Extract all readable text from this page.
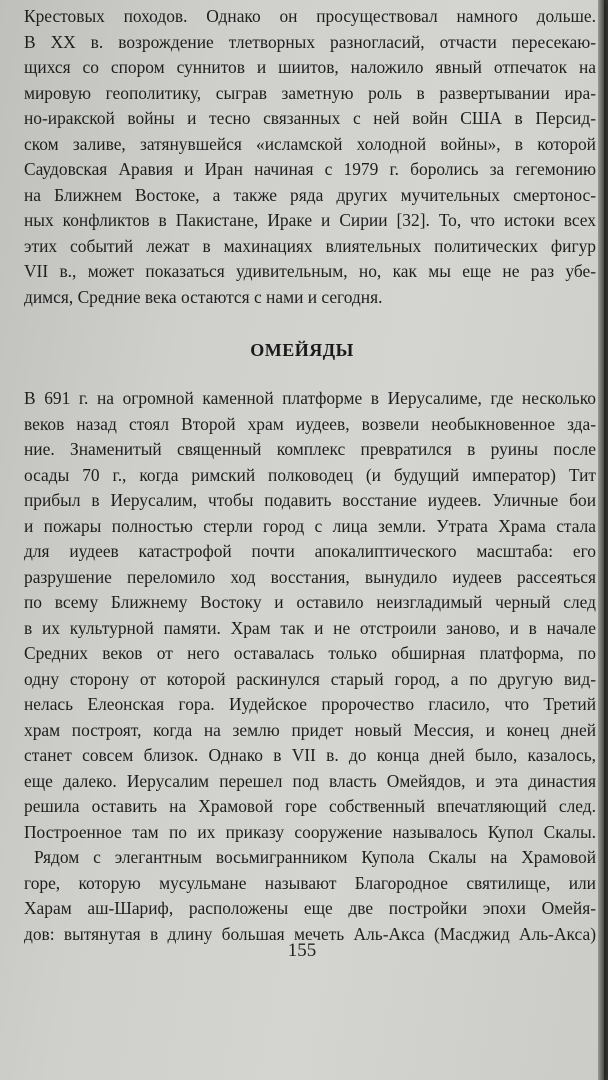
Крестовых походов. Однако он просуществовал намного дольше.
В XX в. возрождение тлетворных разногласий, отчасти пересекаю-
щихся со спором суннитов и шиитов, наложило явный отпечаток на
мировую геополитику, сыграв заметную роль в развертывании ира-
но-иракской войны и тесно связанных с ней войн США в Персид-
ском заливе, затянувшейся «исламской холодной войны», в которой
Саудовская Аравия и Иран начиная с 1979 г. боролись за гегемонию
на Ближнем Востоке, а также ряда других мучительных смертонос-
ных конфликтов в Пакистане, Ираке и Сирии [32]. То, что истоки всех
этих событий лежат в махинациях влиятельных политических фигур
VII в., может показаться удивительным, но, как мы еще не раз убе-
димся, Средние века остаются с нами и сегодня.
ОМЕЙЯДЫ
В 691 г. на огромной каменной платформе в Иерусалиме, где несколько
веков назад стоял Второй храм иудеев, возвели необыкновенное зда-
ние. Знаменитый священный комплекс превратился в руины после
осады 70 г., когда римский полководец (и будущий император) Тит
прибыл в Иерусалим, чтобы подавить восстание иудеев. Уличные бои
и пожары полностью стерли город с лица земли. Утрата Храма стала
для иудеев катастрофой почти апокалиптического масштаба: его
разрушение переломило ход восстания, вынудило иудеев рассеяться
по всему Ближнему Востоку и оставило неизгладимый черный след
в их культурной памяти. Храм так и не отстроили заново, и в начале
Средних веков от него оставалась только обширная платформа, по
одну сторону от которой раскинулся старый город, а по другую вид-
нелась Елеонская гора. Иудейское пророчество гласило, что Третий
храм построят, когда на землю придет новый Мессия, и конец дней
станет совсем близок. Однако в VII в. до конца дней было, казалось,
еще далеко. Иерусалим перешел под власть Омейядов, и эта династия
решила оставить на Храмовой горе собственный впечатляющий след.
Построенное там по их приказу сооружение называлось Купол Скалы.
Рядом с элегантным восьмигранником Купола Скалы на Храмовой
горе, которую мусульмане называют Благородное святилище, или
Харам аш-Шариф, расположены еще две постройки эпохи Омейя-
дов: вытянутая в длину большая мечеть Аль-Акса (Масджид Аль-Акса)
155
